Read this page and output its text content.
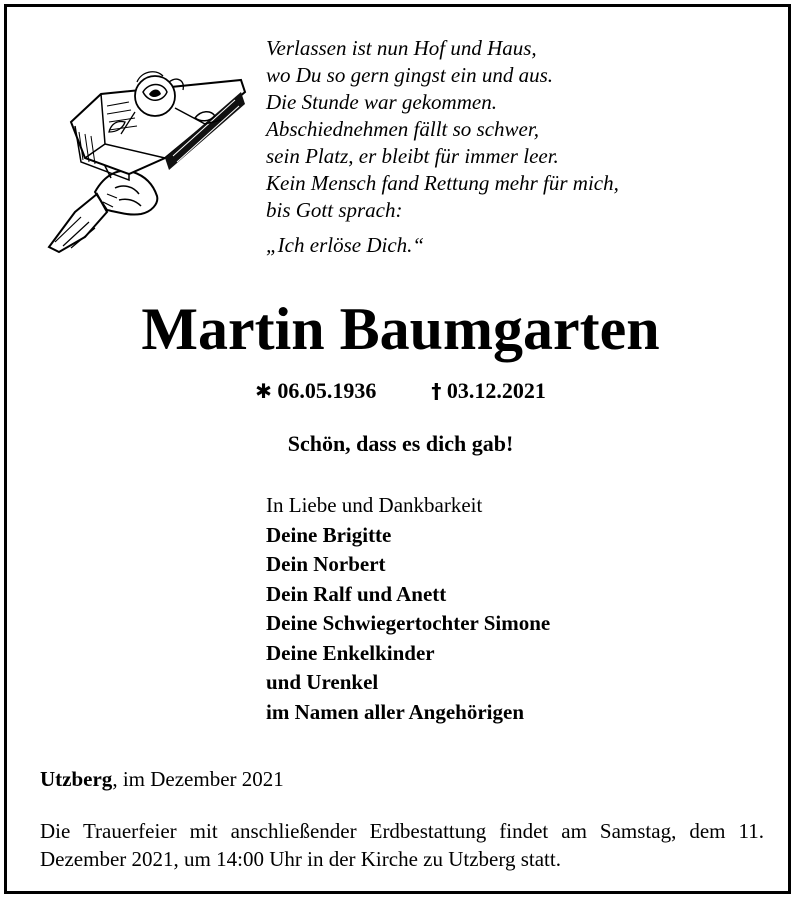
Verlassen ist nun Hof und Haus,
wo Du so gern gingst ein und aus.
Die Stunde war gekommen.
Abschiednehmen fällt so schwer,
sein Platz, er bleibt für immer leer.
Kein Mensch fand Rettung mehr für mich,
bis Gott sprach:
„Ich erlöse Dich.“
Martin Baumgarten
✱ 06.05.1936	† 03.12.2021
Schön, dass es dich gab!
In Liebe und Dankbarkeit
Deine Brigitte
Dein Norbert
Dein Ralf und Anett
Deine Schwiegertochter Simone
Deine Enkelkinder
und Urenkel
im Namen aller Angehörigen
Utzberg, im Dezember 2021
Die Trauerfeier mit anschließender Erdbestattung findet am Samstag, dem 11. Dezember 2021, um 14:00 Uhr in der Kirche zu Utzberg statt.
